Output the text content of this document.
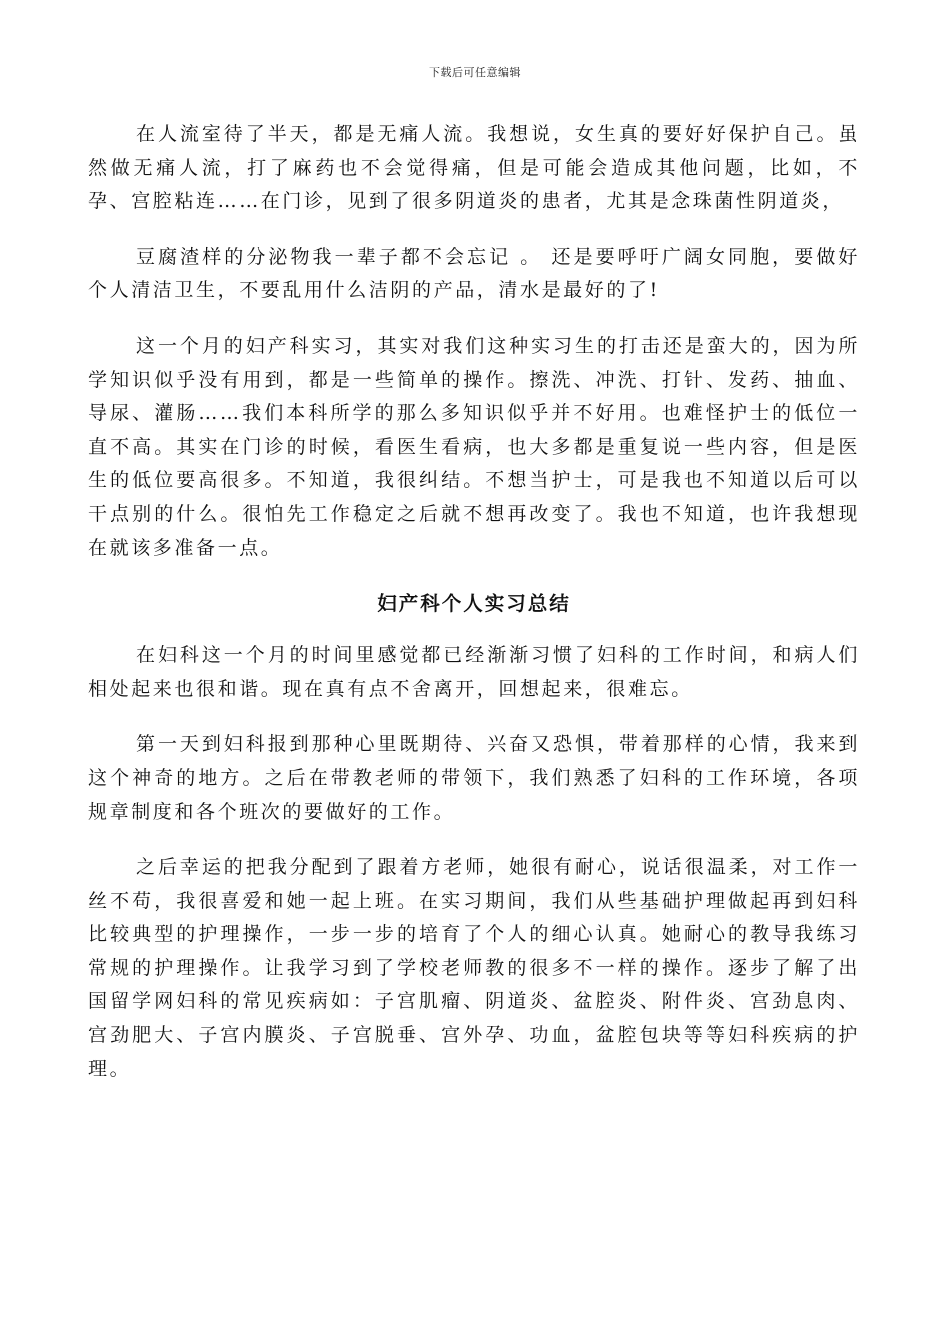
下载后可任意编辑

在人流室待了半天，都是无痛人流。我想说，女生真的要好好保护自己。虽然做无痛人流，打了麻药也不会觉得痛，但是可能会造成其他问题，比如，不孕、宫腔粘连……在门诊，见到了很多阴道炎的患者，尤其是念珠菌性阴道炎，

豆腐渣样的分泌物我一辈子都不会忘记 。 还是要呼吁广阔女同胞，要做好个人清洁卫生，不要乱用什么洁阴的产品，清水是最好的了!

这一个月的妇产科实习，其实对我们这种实习生的打击还是蛮大的，因为所学知识似乎没有用到，都是一些简单的操作。擦洗、冲洗、打针、发药、抽血、导尿、灌肠……我们本科所学的那么多知识似乎并不好用。也难怪护士的低位一直不高。其实在门诊的时候，看医生看病，也大多都是重复说一些内容，但是医生的低位要高很多。不知道，我很纠结。不想当护士，可是我也不知道以后可以干点别的什么。很怕先工作稳定之后就不想再改变了。我也不知道，也许我想现在就该多准备一点。

妇产科个人实习总结

在妇科这一个月的时间里感觉都已经渐渐习惯了妇科的工作时间，和病人们相处起来也很和谐。现在真有点不舍离开，回想起来，很难忘。

第一天到妇科报到那种心里既期待、兴奋又恐惧，带着那样的心情，我来到这个神奇的地方。之后在带教老师的带领下，我们熟悉了妇科的工作环境，各项规章制度和各个班次的要做好的工作。

之后幸运的把我分配到了跟着方老师，她很有耐心，说话很温柔，对工作一丝不苟，我很喜爱和她一起上班。在实习期间，我们从些基础护理做起再到妇科比较典型的护理操作，一步一步的培育了个人的细心认真。她耐心的教导我练习常规的护理操作。让我学习到了学校老师教的很多不一样的操作。逐步了解了出国留学网妇科的常见疾病如：子宫肌瘤、阴道炎、盆腔炎、附件炎、宫劲息肉、宫劲肥大、子宫内膜炎、子宫脱垂、宫外孕、功血，盆腔包块等等妇科疾病的护理。
